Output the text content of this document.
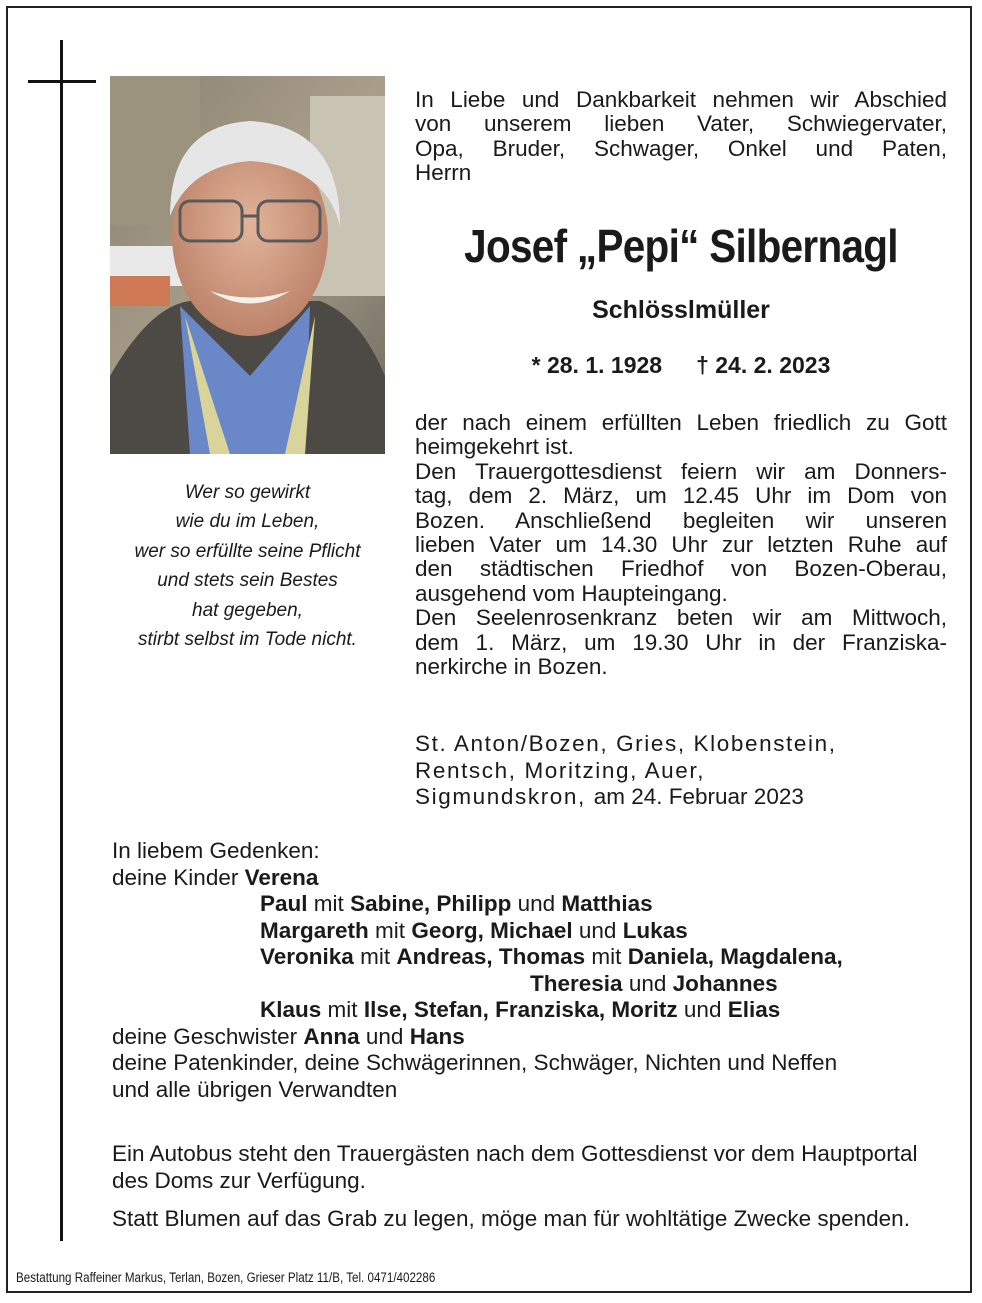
In Liebe und Dankbarkeit nehmen wir Abschied
von unserem lieben Vater, Schwiegervater,
Opa, Bruder, Schwager, Onkel und Paten,
Herrn
Josef „Pepi“ Silbernagl
Schlösslmüller
* 28. 1. 1928 † 24. 2. 2023
Wer so gewirkt
wie du im Leben,
wer so erfüllte seine Pflicht
und stets sein Bestes
hat gegeben,
stirbt selbst im Tode nicht.
der nach einem erfüllten Leben friedlich zu Gott
heimgekehrt ist.
Den Trauergottesdienst feiern wir am Donners-
tag, dem 2. März, um 12.45 Uhr im Dom von
Bozen. Anschließend begleiten wir unseren
lieben Vater um 14.30 Uhr zur letzten Ruhe auf
den städtischen Friedhof von Bozen-Oberau,
ausgehend vom Haupteingang.
Den Seelenrosenkranz beten wir am Mittwoch,
dem 1. März, um 19.30 Uhr in der Franziska-
nerkirche in Bozen.
St. Anton/Bozen, Gries, Klobenstein,
Rentsch, Moritzing, Auer,
Sigmundskron, am 24. Februar 2023
In liebem Gedenken:
deine Kinder Verena
Paul mit Sabine, Philipp und Matthias
Margareth mit Georg, Michael und Lukas
Veronika mit Andreas, Thomas mit Daniela, Magdalena,
Theresia und Johannes
Klaus mit Ilse, Stefan, Franziska, Moritz und Elias
deine Geschwister Anna und Hans
deine Patenkinder, deine Schwägerinnen, Schwäger, Nichten und Neffen
und alle übrigen Verwandten
Ein Autobus steht den Trauergästen nach dem Gottesdienst vor dem Hauptportal des Doms zur Verfügung.
Statt Blumen auf das Grab zu legen, möge man für wohltätige Zwecke spenden.
Bestattung Raffeiner Markus, Terlan, Bozen, Grieser Platz 11/B, Tel. 0471/402286
